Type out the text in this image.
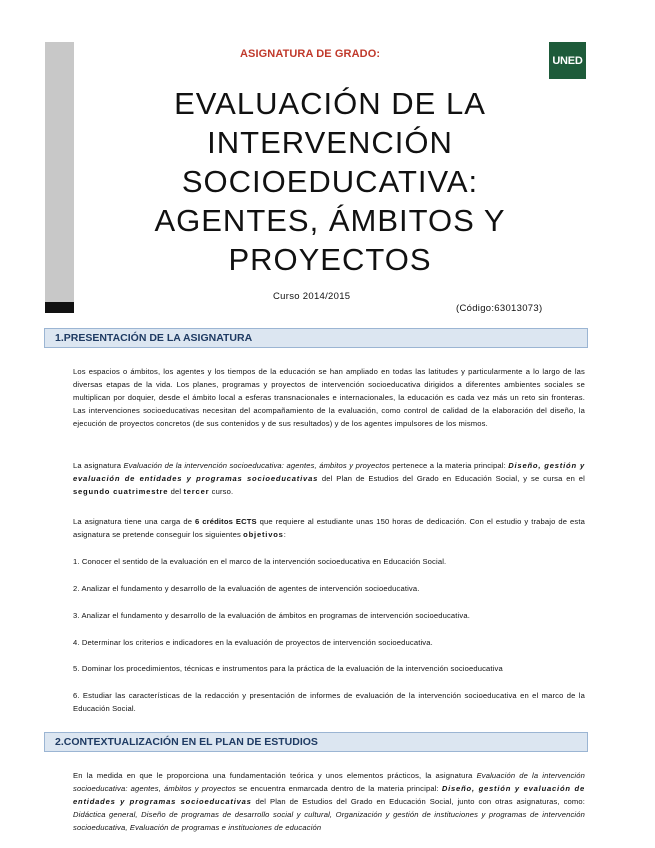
ASIGNATURA DE GRADO:
UNED
EVALUACIÓN DE LA
INTERVENCIÓN
SOCIOEDUCATIVA:
AGENTES, ÁMBITOS Y
PROYECTOS
Curso 2014/2015
(Código:63013073)
1.PRESENTACIÓN DE LA ASIGNATURA

Los espacios o ámbitos, los agentes y los tiempos de la educación se han ampliado en todas las latitudes y particularmente a lo largo de las diversas etapas de la vida. Los planes, programas y proyectos de intervención socioeducativa dirigidos a diferentes ambientes sociales se multiplican por doquier, desde el ámbito local a esferas transnacionales e internacionales, la educación es cada vez más un reto sin fronteras. Las intervenciones socioeducativas necesitan del acompañamiento de la evaluación, como control de calidad de la elaboración del diseño, la ejecución de proyectos concretos (de sus contenidos y de sus resultados) y de los agentes impulsores de los mismos.

La asignatura Evaluación de la intervención socioeducativa: agentes, ámbitos y proyectos pertenece a la materia principal: Diseño, gestión y evaluación de entidades y programas socioeducativas del Plan de Estudios del Grado en Educación Social, y se cursa en el segundo cuatrimestre del tercer curso.

La asignatura tiene una carga de 6 créditos ECTS que requiere al estudiante unas 150 horas de dedicación. Con el estudio y trabajo de esta asignatura se pretende conseguir los siguientes objetivos:

1. Conocer el sentido de la evaluación en el marco de la intervención socioeducativa en Educación Social.
2. Analizar el fundamento y desarrollo de la evaluación de agentes de intervención socioeducativa.
3. Analizar el fundamento y desarrollo de la evaluación de ámbitos en programas de intervención socioeducativa.
4. Determinar los criterios e indicadores en la evaluación de proyectos de intervención socioeducativa.
5. Dominar los procedimientos, técnicas e instrumentos para la práctica de la evaluación de la intervención socioeducativa
6. Estudiar las características de la redacción y presentación de informes de evaluación de la intervención socioeducativa en el marco de la Educación Social.
2.CONTEXTUALIZACIÓN EN EL PLAN DE ESTUDIOS

En la medida en que le proporciona una fundamentación teórica y unos elementos prácticos, la asignatura Evaluación de la intervención socioeducativa: agentes, ámbitos y proyectos se encuentra enmarcada dentro de la materia principal: Diseño, gestión y evaluación de entidades y programas socioeducativas del Plan de Estudios del Grado en Educación Social, junto con otras asignaturas, como: Didáctica general, Diseño de programas de desarrollo social y cultural, Organización y gestión de instituciones y programas de intervención socioeducativa, Evaluación de programas e instituciones de educación
